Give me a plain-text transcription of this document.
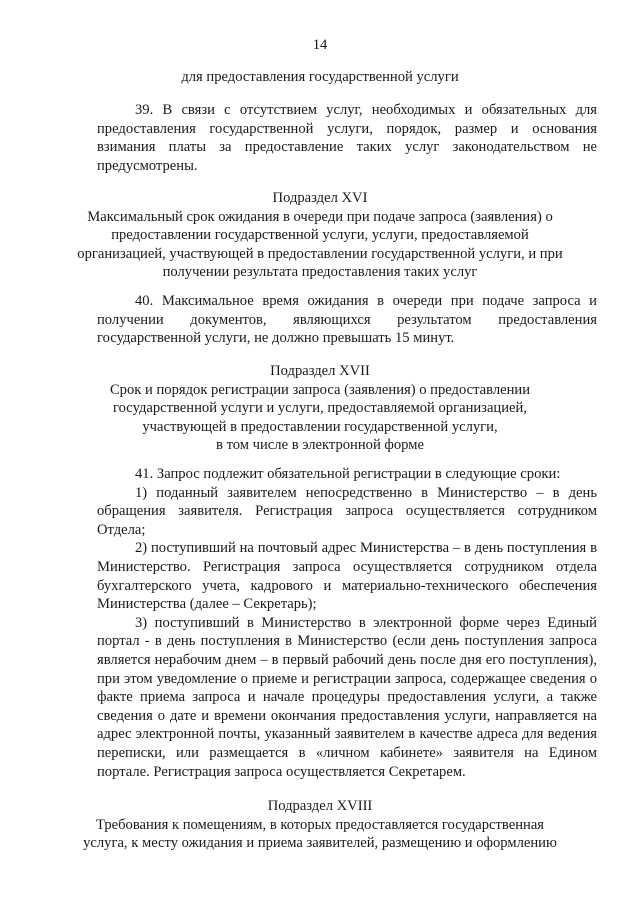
14
для предоставления государственной услуги

39. В связи с отсутствием услуг, необходимых и обязательных для предоставления государственной услуги, порядок, размер и основания взимания платы за предоставление таких услуг законодательством не предусмотрены.

Подраздел XVI
Максимальный срок ожидания в очереди при подаче запроса (заявления) о
предоставлении государственной услуги, услуги, предоставляемой
организацией, участвующей в предоставлении государственной услуги, и при
получении результата предоставления таких услуг

40. Максимальное время ожидания в очереди при подаче запроса и получении документов, являющихся результатом предоставления государственной услуги, не должно превышать 15 минут.

Подраздел XVII
Срок и порядок регистрации запроса (заявления) о предоставлении
государственной услуги и услуги, предоставляемой организацией,
участвующей в предоставлении государственной услуги,
в том числе в электронной форме

41. Запрос подлежит обязательной регистрации в следующие сроки:

1) поданный заявителем непосредственно в Министерство – в день обращения заявителя. Регистрация запроса осуществляется сотрудником Отдела;

2) поступивший на почтовый адрес Министерства – в день поступления в Министерство. Регистрация запроса осуществляется сотрудником отдела бухгалтерского учета, кадрового и материально-технического обеспечения Министерства (далее – Секретарь);

3) поступивший в Министерство в электронной форме через Единый портал - в день поступления в Министерство (если день поступления запроса является нерабочим днем – в первый рабочий день после дня его поступления), при этом уведомление о приеме и регистрации запроса, содержащее сведения о факте приема запроса и начале процедуры предоставления услуги, а также сведения о дате и времени окончания предоставления услуги, направляется на адрес электронной почты, указанный заявителем в качестве адреса для ведения переписки, или размещается в «личном кабинете» заявителя на Едином портале. Регистрация запроса осуществляется Секретарем.

Подраздел XVIII
Требования к помещениям, в которых предоставляется государственная
услуга, к месту ожидания и приема заявителей, размещению и оформлению
